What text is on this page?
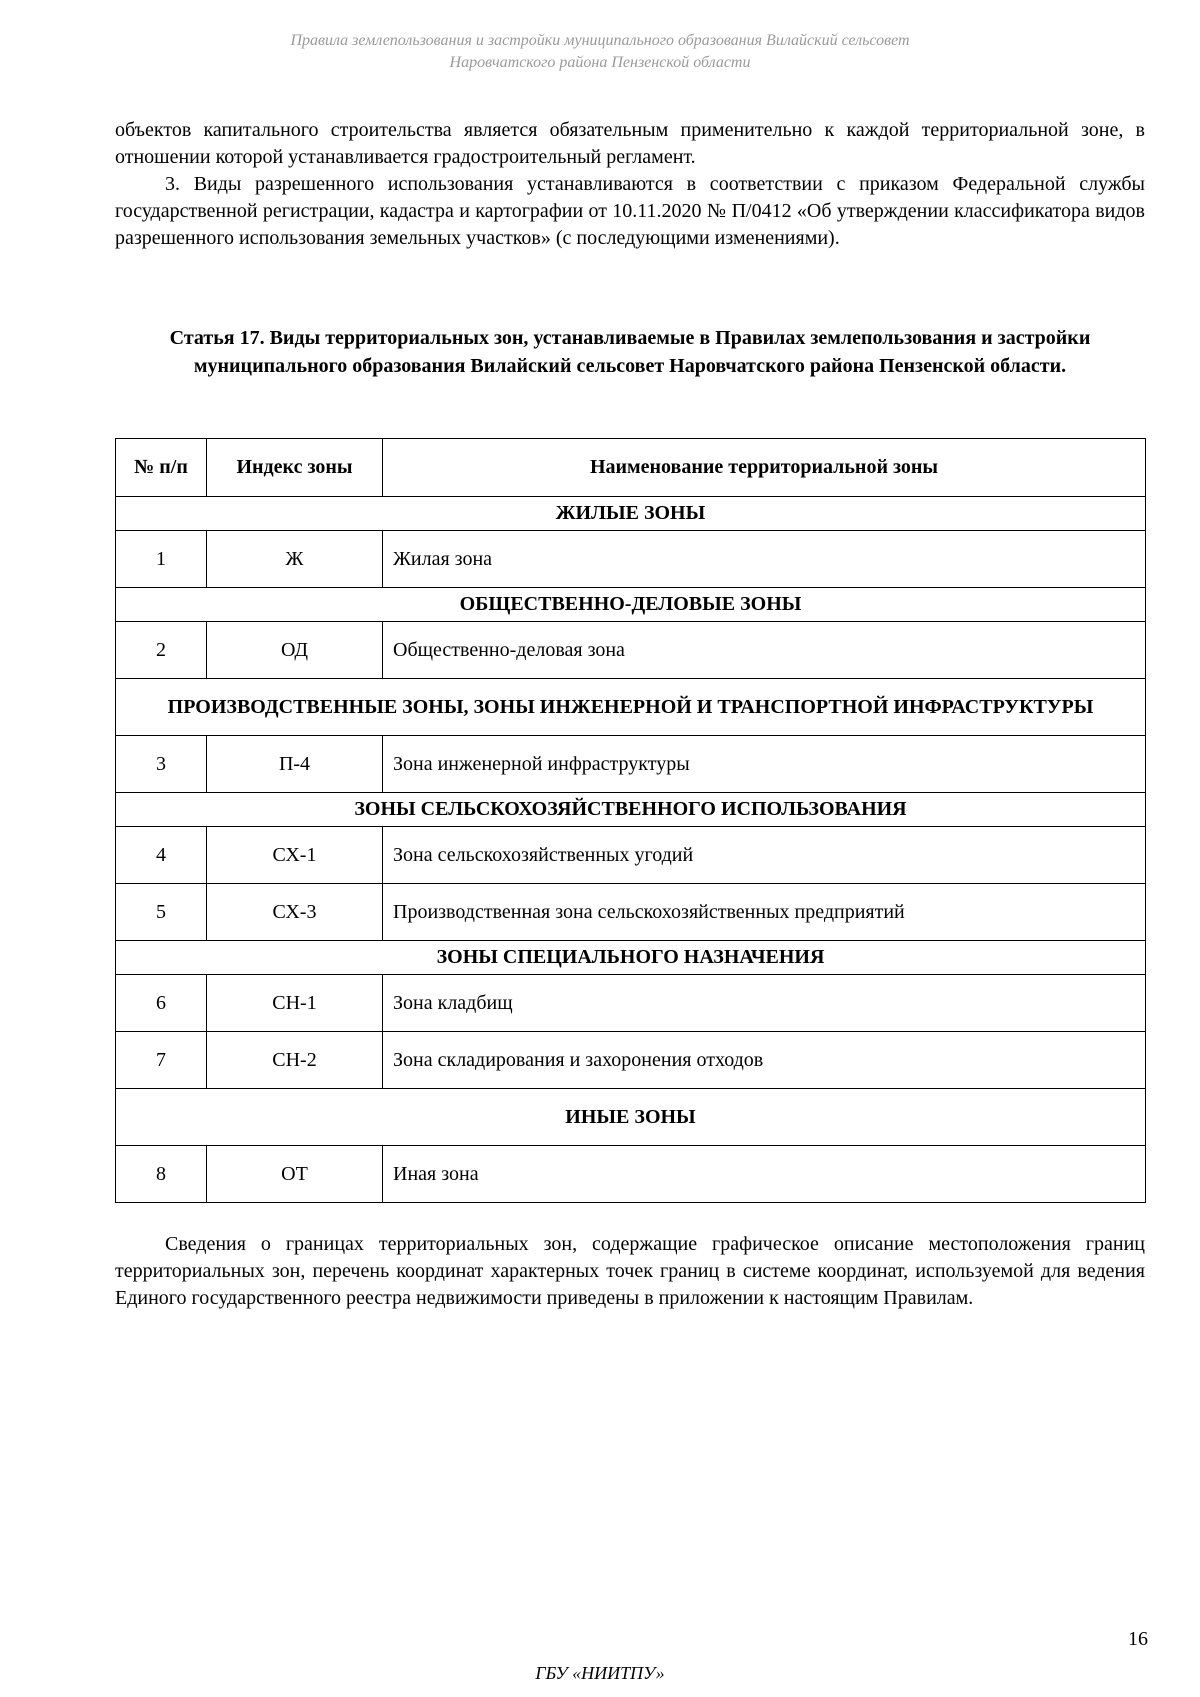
Правила землепользования и застройки муниципального образования Вилайский сельсовет
Наровчатского района Пензенской области

объектов капитального строительства является обязательным применительно к каждой территориальной зоне, в отношении которой устанавливается градостроительный регламент.

3. Виды разрешенного использования устанавливаются в соответствии с приказом Федеральной службы государственной регистрации, кадастра и картографии от 10.11.2020 № П/0412 «Об утверждении классификатора видов разрешенного использования земельных участков» (с последующими изменениями).

Статья 17. Виды территориальных зон, устанавливаемые в Правилах землепользования и застройки муниципального образования Вилайский сельсовет Наровчатского района Пензенской области.
№ п/п	Индекс зоны	Наименование территориальной зоны
ЖИЛЫЕ ЗОНЫ		
1	Ж	Жилая зона
ОБЩЕСТВЕННО-ДЕЛОВЫЕ ЗОНЫ		
2	ОД	Общественно-деловая зона
ПРОИЗВОДСТВЕННЫЕ ЗОНЫ, ЗОНЫ ИНЖЕНЕРНОЙ И ТРАНСПОРТНОЙ ИНФРАСТРУКТУРЫ		
3	П-4	Зона инженерной инфраструктуры
ЗОНЫ СЕЛЬСКОХОЗЯЙСТВЕННОГО ИСПОЛЬЗОВАНИЯ		
4	СХ-1	Зона сельскохозяйственных угодий
5	СХ-3	Производственная зона сельскохозяйственных предприятий
ЗОНЫ СПЕЦИАЛЬНОГО НАЗНАЧЕНИЯ		
6	СН-1	Зона кладбищ
7	СН-2	Зона складирования и захоронения отходов
ИНЫЕ ЗОНЫ		
8	ОТ	Иная зона

Сведения о границах территориальных зон, содержащие графическое описание местоположения границ территориальных зон, перечень координат характерных точек границ в системе координат, используемой для ведения Единого государственного реестра недвижимости приведены в приложении к настоящим Правилам.

16
ГБУ «НИИТПУ»
